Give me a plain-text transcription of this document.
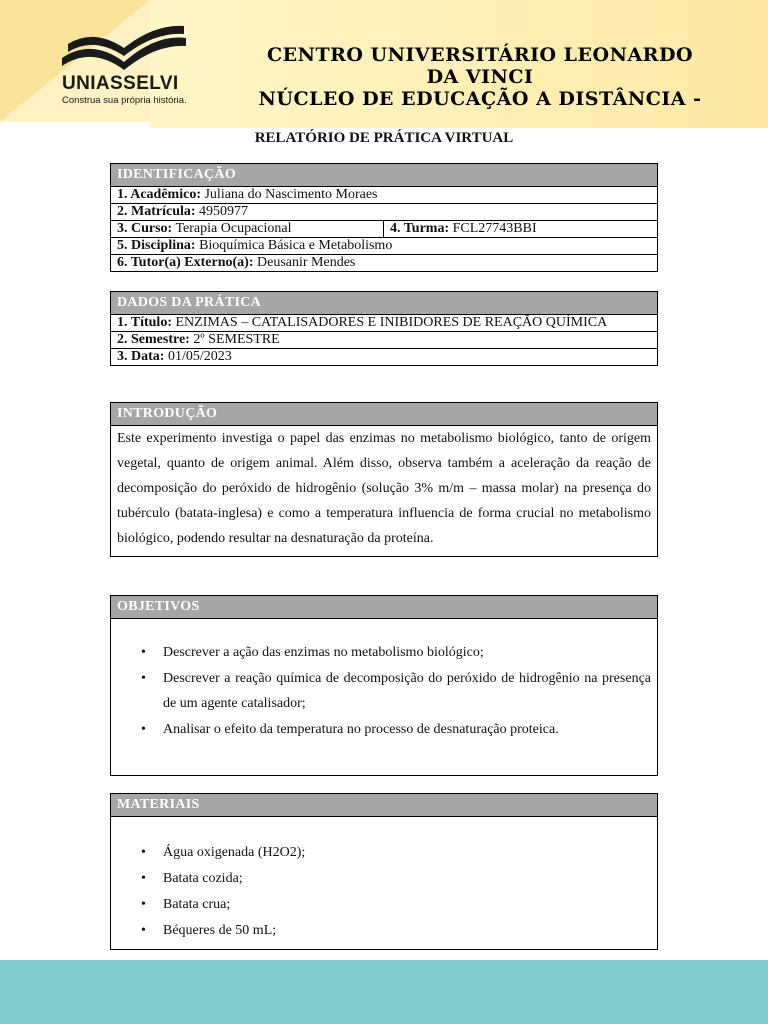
UNIASSELVI
Construa sua própria história.
CENTRO UNIVERSITÁRIO LEONARDO
DA VINCI
NÚCLEO DE EDUCAÇÃO A DISTÂNCIA -
RELATÓRIO DE PRÁTICA VIRTUAL
IDENTIFICAÇÃO
1. Acadêmico: Juliana do Nascimento Moraes
2. Matrícula: 4950977
3. Curso: Terapia Ocupacional	4. Turma: FCL27743BBI
5. Disciplina: Bioquímica Básica e Metabolismo
6. Tutor(a) Externo(a): Deusanir Mendes
DADOS DA PRÁTICA
1. Título: ENZIMAS – CATALISADORES E INIBIDORES DE REAÇÃO QUÍMICA
2. Semestre: 2º SEMESTRE
3. Data: 01/05/2023
INTRODUÇÃO
Este experimento investiga o papel das enzimas no metabolismo biológico, tanto de origem vegetal, quanto de origem animal. Além disso, observa também a aceleração da reação de decomposição do peróxido de hidrogênio (solução 3% m/m – massa molar) na presença do tubérculo (batata-inglesa) e como a temperatura influencia de forma crucial no metabolismo biológico, podendo resultar na desnaturação da proteína.
OBJETIVOS
• Descrever a ação das enzimas no metabolismo biológico;
• Descrever a reação química de decomposição do peróxido de hidrogênio na presença de um agente catalisador;
• Analisar o efeito da temperatura no processo de desnaturação proteica.
MATERIAIS
• Água oxigenada (H2O2);
• Batata cozida;
• Batata crua;
• Béqueres de 50 mL;
